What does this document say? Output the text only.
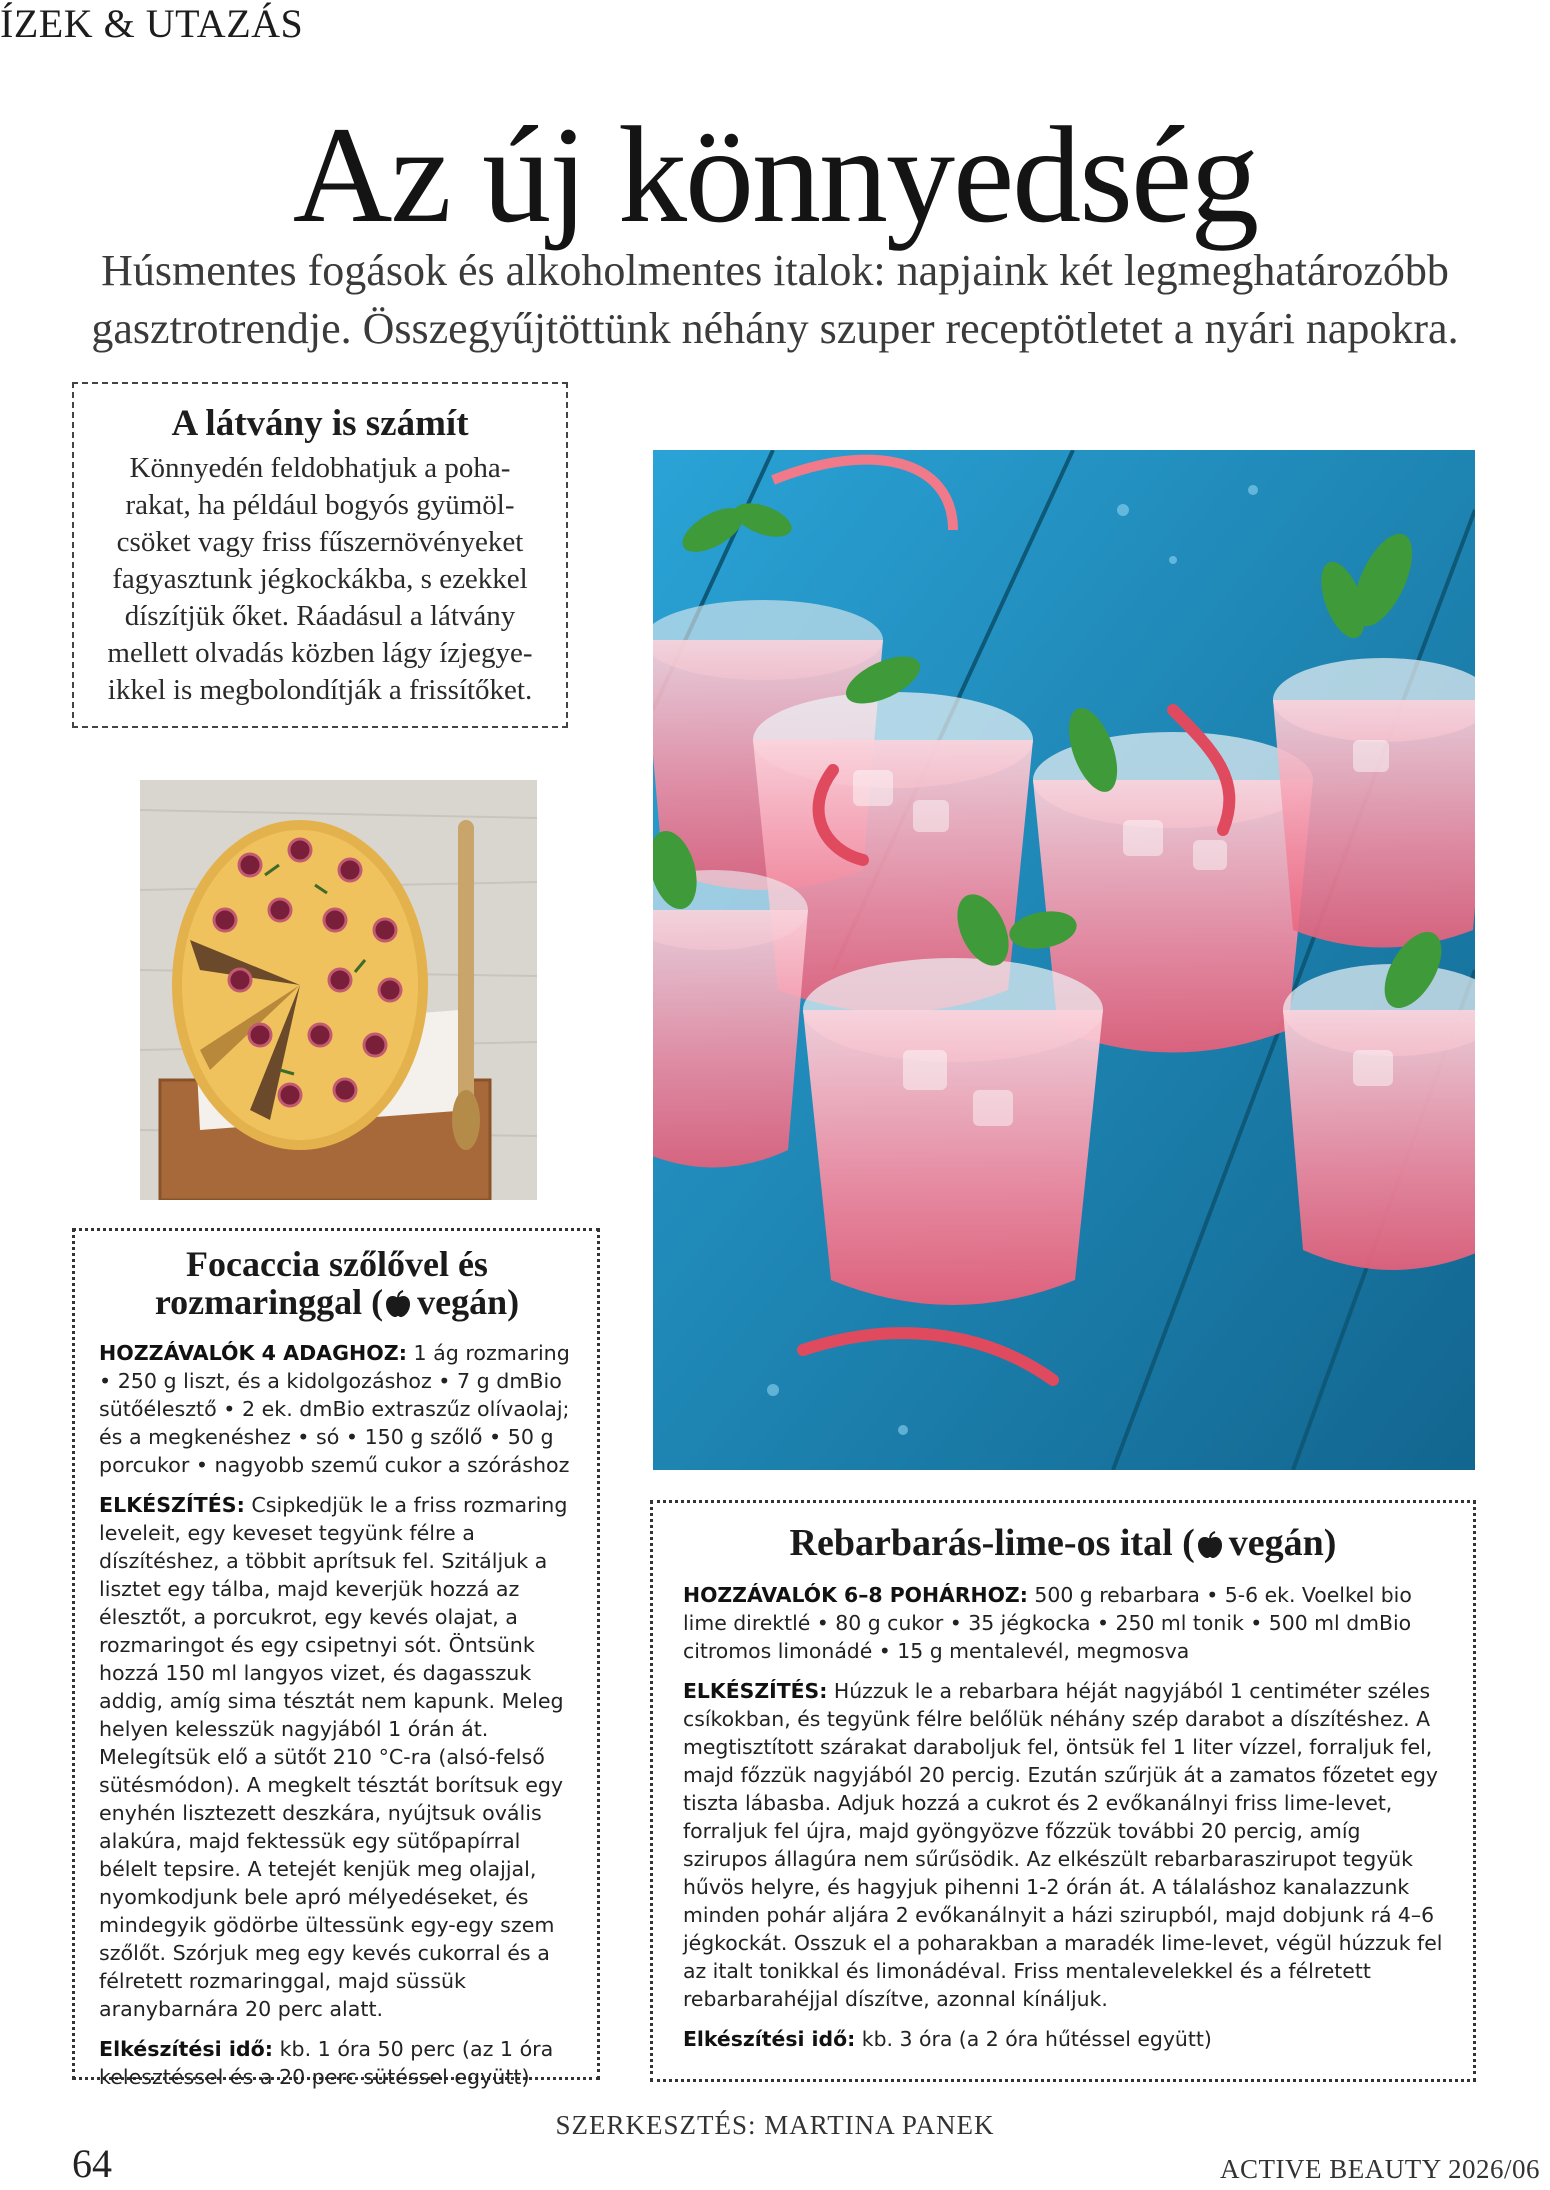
ÍZEK & UTAZÁS
Az új könnyedség

Húsmentes fogások és alkoholmentes italok: napjaink két legmeghatározóbb gasztrotrendje. Összegyűjtöttünk néhány szuper receptötletet a nyári napokra.

A látvány is számít
Könnyedén feldobhatjuk a poha-
rakat, ha például bogyós gyümöl-
csöket vagy friss fűszernövényeket
fagyasztunk jégkockákba, s ezekkel
díszítjük őket. Ráadásul a látvány
mellett olvadás közben lágy ízjegye-
ikkel is megbolondítják a frissítőket.
Focaccia szőlővel és
rozmaringgal ( vegán)

HOZZÁVALÓK 4 ADAGHOZ: 1 ág rozmaring • 250 g liszt, és a kidolgozáshoz • 7 g dmBio sütőélesztő • 2 ek. dmBio extraszűz olívaolaj; és a megkenéshez • só • 150 g szőlő • 50 g porcukor • nagyobb szemű cukor a szóráshoz

ELKÉSZÍTÉS: Csipkedjük le a friss rozmaring leveleit, egy keveset tegyünk félre a díszítéshez, a többit aprítsuk fel. Szitáljuk a lisztet egy tálba, majd keverjük hozzá az élesztőt, a porcukrot, egy kevés olajat, a rozmaringot és egy csipetnyi sót. Öntsünk hozzá 150 ml langyos vizet, és dagasszuk addig, amíg sima tésztát nem kapunk. Meleg helyen kelesszük nagyjából 1 órán át. Melegítsük elő a sütőt 210 °C-ra (alsó-felső sütésmódon). A megkelt tésztát borítsuk egy enyhén lisztezett deszkára, nyújtsuk ovális alakúra, majd fektessük egy sütőpapírral bélelt tepsire. A tetejét kenjük meg olajjal, nyomkodjunk bele apró mélyedéseket, és mindegyik gödörbe ültessünk egy-egy szem szőlőt. Szórjuk meg egy kevés cukorral és a félretett rozmaringgal, majd süssük aranybarnára 20 perc alatt.

Elkészítési idő: kb. 1 óra 50 perc (az 1 óra kelesztéssel és a 20 perc sütéssel együtt)

Rebarbarás-lime-os ital ( vegán)

HOZZÁVALÓK 6–8 POHÁRHOZ: 500 g rebarbara • 5-6 ek. Voelkel bio lime direktlé • 80 g cukor • 35 jégkocka • 250 ml tonik • 500 ml dmBio citromos limonádé • 15 g mentalevél, megmosva

ELKÉSZÍTÉS: Húzzuk le a rebarbara héját nagyjából 1 centiméter széles csíkokban, és tegyünk félre belőlük néhány szép darabot a díszítéshez. A megtisztított szárakat daraboljuk fel, öntsük fel 1 liter vízzel, forraljuk fel, majd főzzük nagyjából 20 percig. Ezután szűrjük át a zamatos főzetet egy tiszta lábasba. Adjuk hozzá a cukrot és 2 evőkanálnyi friss lime-levet, forraljuk fel újra, majd gyöngyözve főzzük további 20 percig, amíg szirupos állagúra nem sűrűsödik. Az elkészült rebarbaraszirupot tegyük hűvös helyre, és hagyjuk pihenni 1-2 órán át. A tálaláshoz kanalazzunk minden pohár aljára 2 evőkanálnyit a házi szirupból, majd dobjunk rá 4–6 jégkockát. Osszuk el a poharakban a maradék lime-levet, végül húzzuk fel az italt tonikkal és limonádéval. Friss mentalevelekkel és a félretett rebarbarahéjjal díszítve, azonnal kínáljuk.

Elkészítési idő: kb. 3 óra (a 2 óra hűtéssel együtt)

SZERKESZTÉS: MARTINA PANEK
64	ACTIVE BEAUTY 2026/06
